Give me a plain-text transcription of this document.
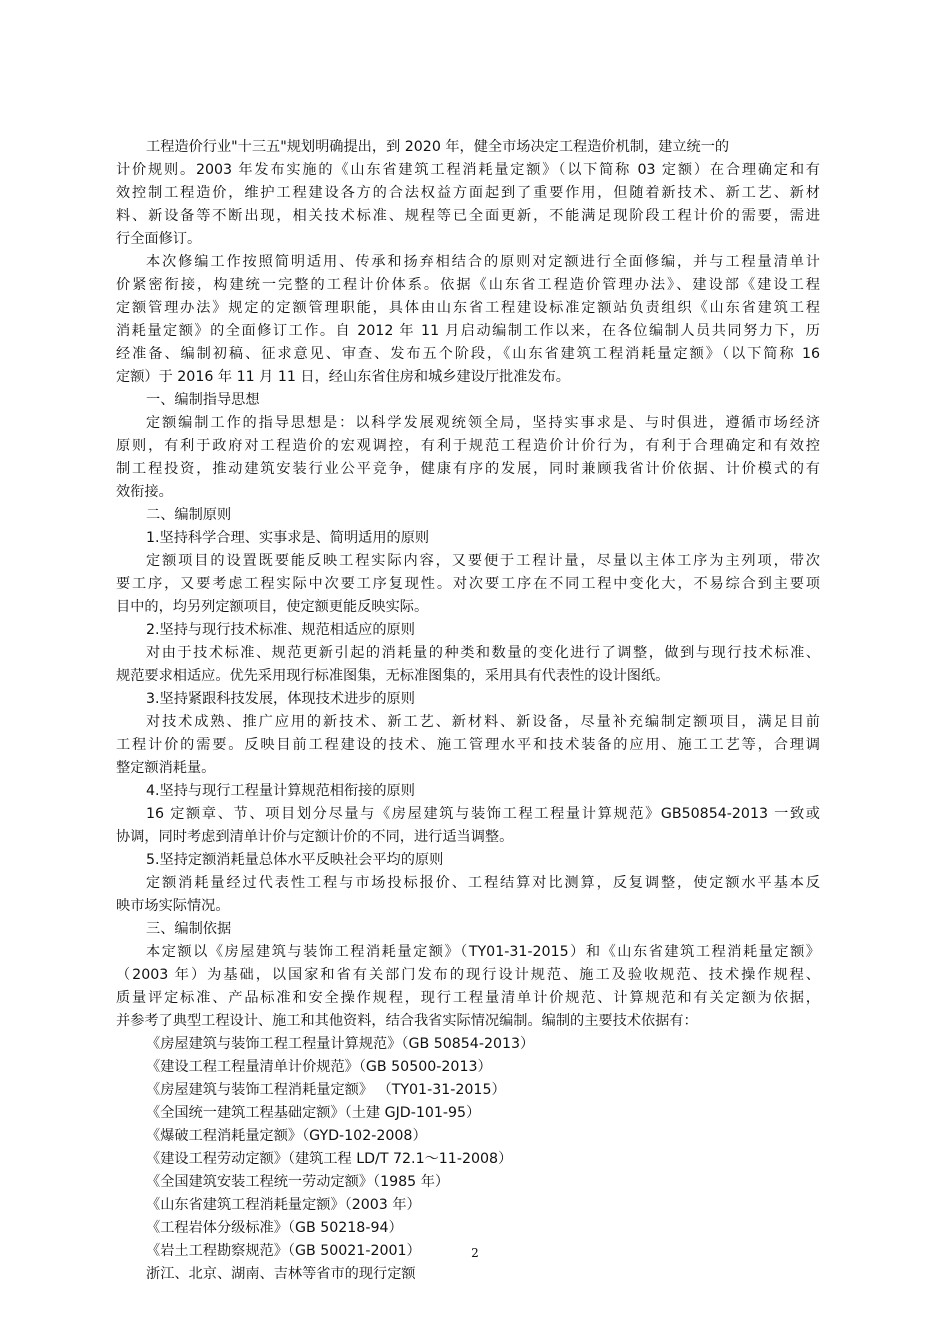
工程造价行业"十三五"规划明确提出，到 2020 年，健全市场决定工程造价机制，建立统一的
计价规则。2003 年发布实施的《山东省建筑工程消耗量定额》（以下简称 03 定额）在合理确定和有
效控制工程造价，维护工程建设各方的合法权益方面起到了重要作用，但随着新技术、新工艺、新材
料、新设备等不断出现，相关技术标准、规程等已全面更新，不能满足现阶段工程计价的需要，需进
行全面修订。
本次修编工作按照简明适用、传承和扬弃相结合的原则对定额进行全面修编，并与工程量清单计
价紧密衔接，构建统一完整的工程计价体系。依据《山东省工程造价管理办法》、建设部《建设工程
定额管理办法》规定的定额管理职能，具体由山东省工程建设标准定额站负责组织《山东省建筑工程
消耗量定额》的全面修订工作。自 2012 年 11 月启动编制工作以来，在各位编制人员共同努力下，历
经准备、编制初稿、征求意见、审查、发布五个阶段，《山东省建筑工程消耗量定额》（以下简称 16
定额）于 2016 年 11 月 11 日，经山东省住房和城乡建设厅批准发布。
一、编制指导思想
定额编制工作的指导思想是：以科学发展观统领全局，坚持实事求是、与时俱进，遵循市场经济
原则，有利于政府对工程造价的宏观调控，有利于规范工程造价计价行为，有利于合理确定和有效控
制工程投资，推动建筑安装行业公平竞争，健康有序的发展，同时兼顾我省计价依据、计价模式的有
效衔接。
二、编制原则
1.坚持科学合理、实事求是、简明适用的原则
定额项目的设置既要能反映工程实际内容，又要便于工程计量，尽量以主体工序为主列项，带次
要工序，又要考虑工程实际中次要工序复现性。对次要工序在不同工程中变化大，不易综合到主要项
目中的，均另列定额项目，使定额更能反映实际。
2.坚持与现行技术标准、规范相适应的原则
对由于技术标准、规范更新引起的消耗量的种类和数量的变化进行了调整，做到与现行技术标准、
规范要求相适应。优先采用现行标准图集，无标准图集的，采用具有代表性的设计图纸。
3.坚持紧跟科技发展，体现技术进步的原则
对技术成熟、推广应用的新技术、新工艺、新材料、新设备，尽量补充编制定额项目，满足目前
工程计价的需要。反映目前工程建设的技术、施工管理水平和技术装备的应用、施工工艺等，合理调
整定额消耗量。
4.坚持与现行工程量计算规范相衔接的原则
16 定额章、节、项目划分尽量与《房屋建筑与装饰工程工程量计算规范》GB50854-2013 一致或
协调，同时考虑到清单计价与定额计价的不同，进行适当调整。
5.坚持定额消耗量总体水平反映社会平均的原则
定额消耗量经过代表性工程与市场投标报价、工程结算对比测算，反复调整，使定额水平基本反
映市场实际情况。
三、编制依据
本定额以《房屋建筑与装饰工程消耗量定额》（TY01-31-2015）和《山东省建筑工程消耗量定额》
（2003 年）为基础，以国家和省有关部门发布的现行设计规范、施工及验收规范、技术操作规程、
质量评定标准、产品标准和安全操作规程，现行工程量清单计价规范、计算规范和有关定额为依据，
并参考了典型工程设计、施工和其他资料，结合我省实际情况编制。编制的主要技术依据有：
《房屋建筑与装饰工程工程量计算规范》（GB 50854-2013）
《建设工程工程量清单计价规范》（GB 50500-2013）
《房屋建筑与装饰工程消耗量定额》 （TY01-31-2015）
《全国统一建筑工程基础定额》（土建 GJD-101-95）
《爆破工程消耗量定额》（GYD-102-2008）
《建设工程劳动定额》（建筑工程 LD/T 72.1～11-2008）
《全国建筑安装工程统一劳动定额》（1985 年）
《山东省建筑工程消耗量定额》（2003 年）
《工程岩体分级标准》（GB 50218-94）
《岩土工程勘察规范》（GB 50021-2001）
浙江、北京、湖南、吉林等省市的现行定额
2
